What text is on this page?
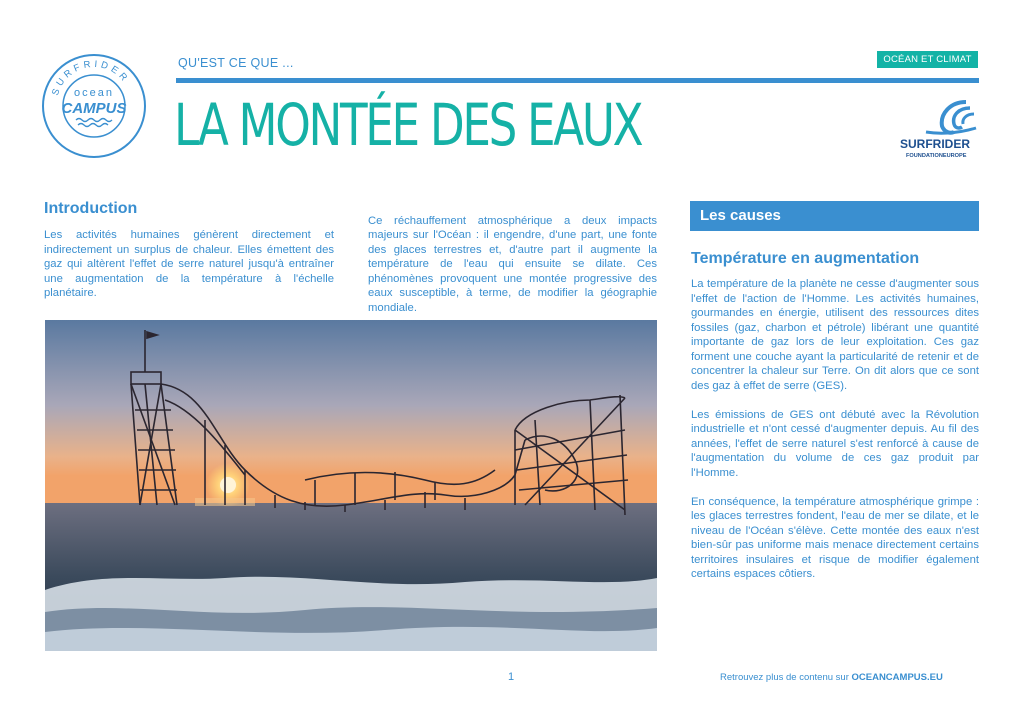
SURFRIDER
ocean
CAMPUS
QU'EST CE QUE ...	OCÉAN ET CLIMAT
LA MONTÉE DES EAUX	SURFRIDER
FOUNDATIONEUROPE
Introduction

Les activités humaines génèrent directement et indirectement un surplus de chaleur. Elles émettent des gaz qui altèrent l'effet de serre naturel jusqu'à entraîner une augmentation de la température à l'échelle planétaire.

Ce réchauffement atmosphérique a deux impacts majeurs sur l'Océan : il engendre, d'une part, une fonte des glaces terrestres et, d'autre part il augmente la température de l'eau qui ensuite se dilate. Ces phénomènes provoquent une montée progressive des eaux susceptible, à terme, de modifier la géographie mondiale.

Les causes
Température en augmentation

La température de la planète ne cesse d'augmenter sous l'effet de l'action de l'Homme. Les activités humaines, gourmandes en énergie, utilisent des ressources dites fossiles (gaz, charbon et pétrole) libérant une quantité importante de gaz lors de leur exploitation. Ces gaz forment une couche ayant la particularité de retenir et de concentrer la chaleur sur Terre. On dit alors que ce sont des gaz à effet de serre (GES).

Les émissions de GES ont débuté avec la Révolution industrielle et n'ont cessé d'augmenter depuis. Au fil des années, l'effet de serre naturel s'est renforcé à cause de l'augmentation du volume de ces gaz produit par l'Homme.

En conséquence, la température atmosphérique grimpe : les glaces terrestres fondent, l'eau de mer se dilate, et le niveau de l'Océan s'élève. Cette montée des eaux n'est bien-sûr pas uniforme mais menace directement certains territoires insulaires et risque de modifier également certains espaces côtiers.

1	Retrouvez plus de contenu sur OCEANCAMPUS.EU
